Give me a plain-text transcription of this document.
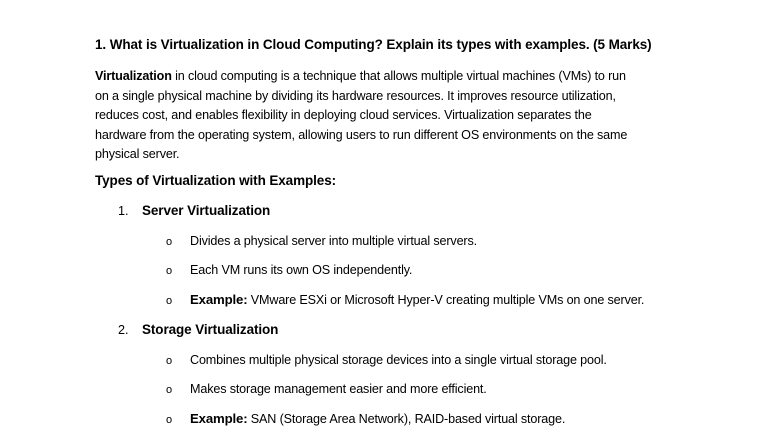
1. What is Virtualization in Cloud Computing? Explain its types with examples. (5 Marks)
Virtualization in cloud computing is a technique that allows multiple virtual machines (VMs) to run
on a single physical machine by dividing its hardware resources. It improves resource utilization,
reduces cost, and enables flexibility in deploying cloud services. Virtualization separates the
hardware from the operating system, allowing users to run different OS environments on the same
physical server.
Types of Virtualization with Examples:
1. Server Virtualization
o Divides a physical server into multiple virtual servers.
o Each VM runs its own OS independently.
o Example: VMware ESXi or Microsoft Hyper-V creating multiple VMs on one server.
2. Storage Virtualization
o Combines multiple physical storage devices into a single virtual storage pool.
o Makes storage management easier and more efficient.
o Example: SAN (Storage Area Network), RAID-based virtual storage.
